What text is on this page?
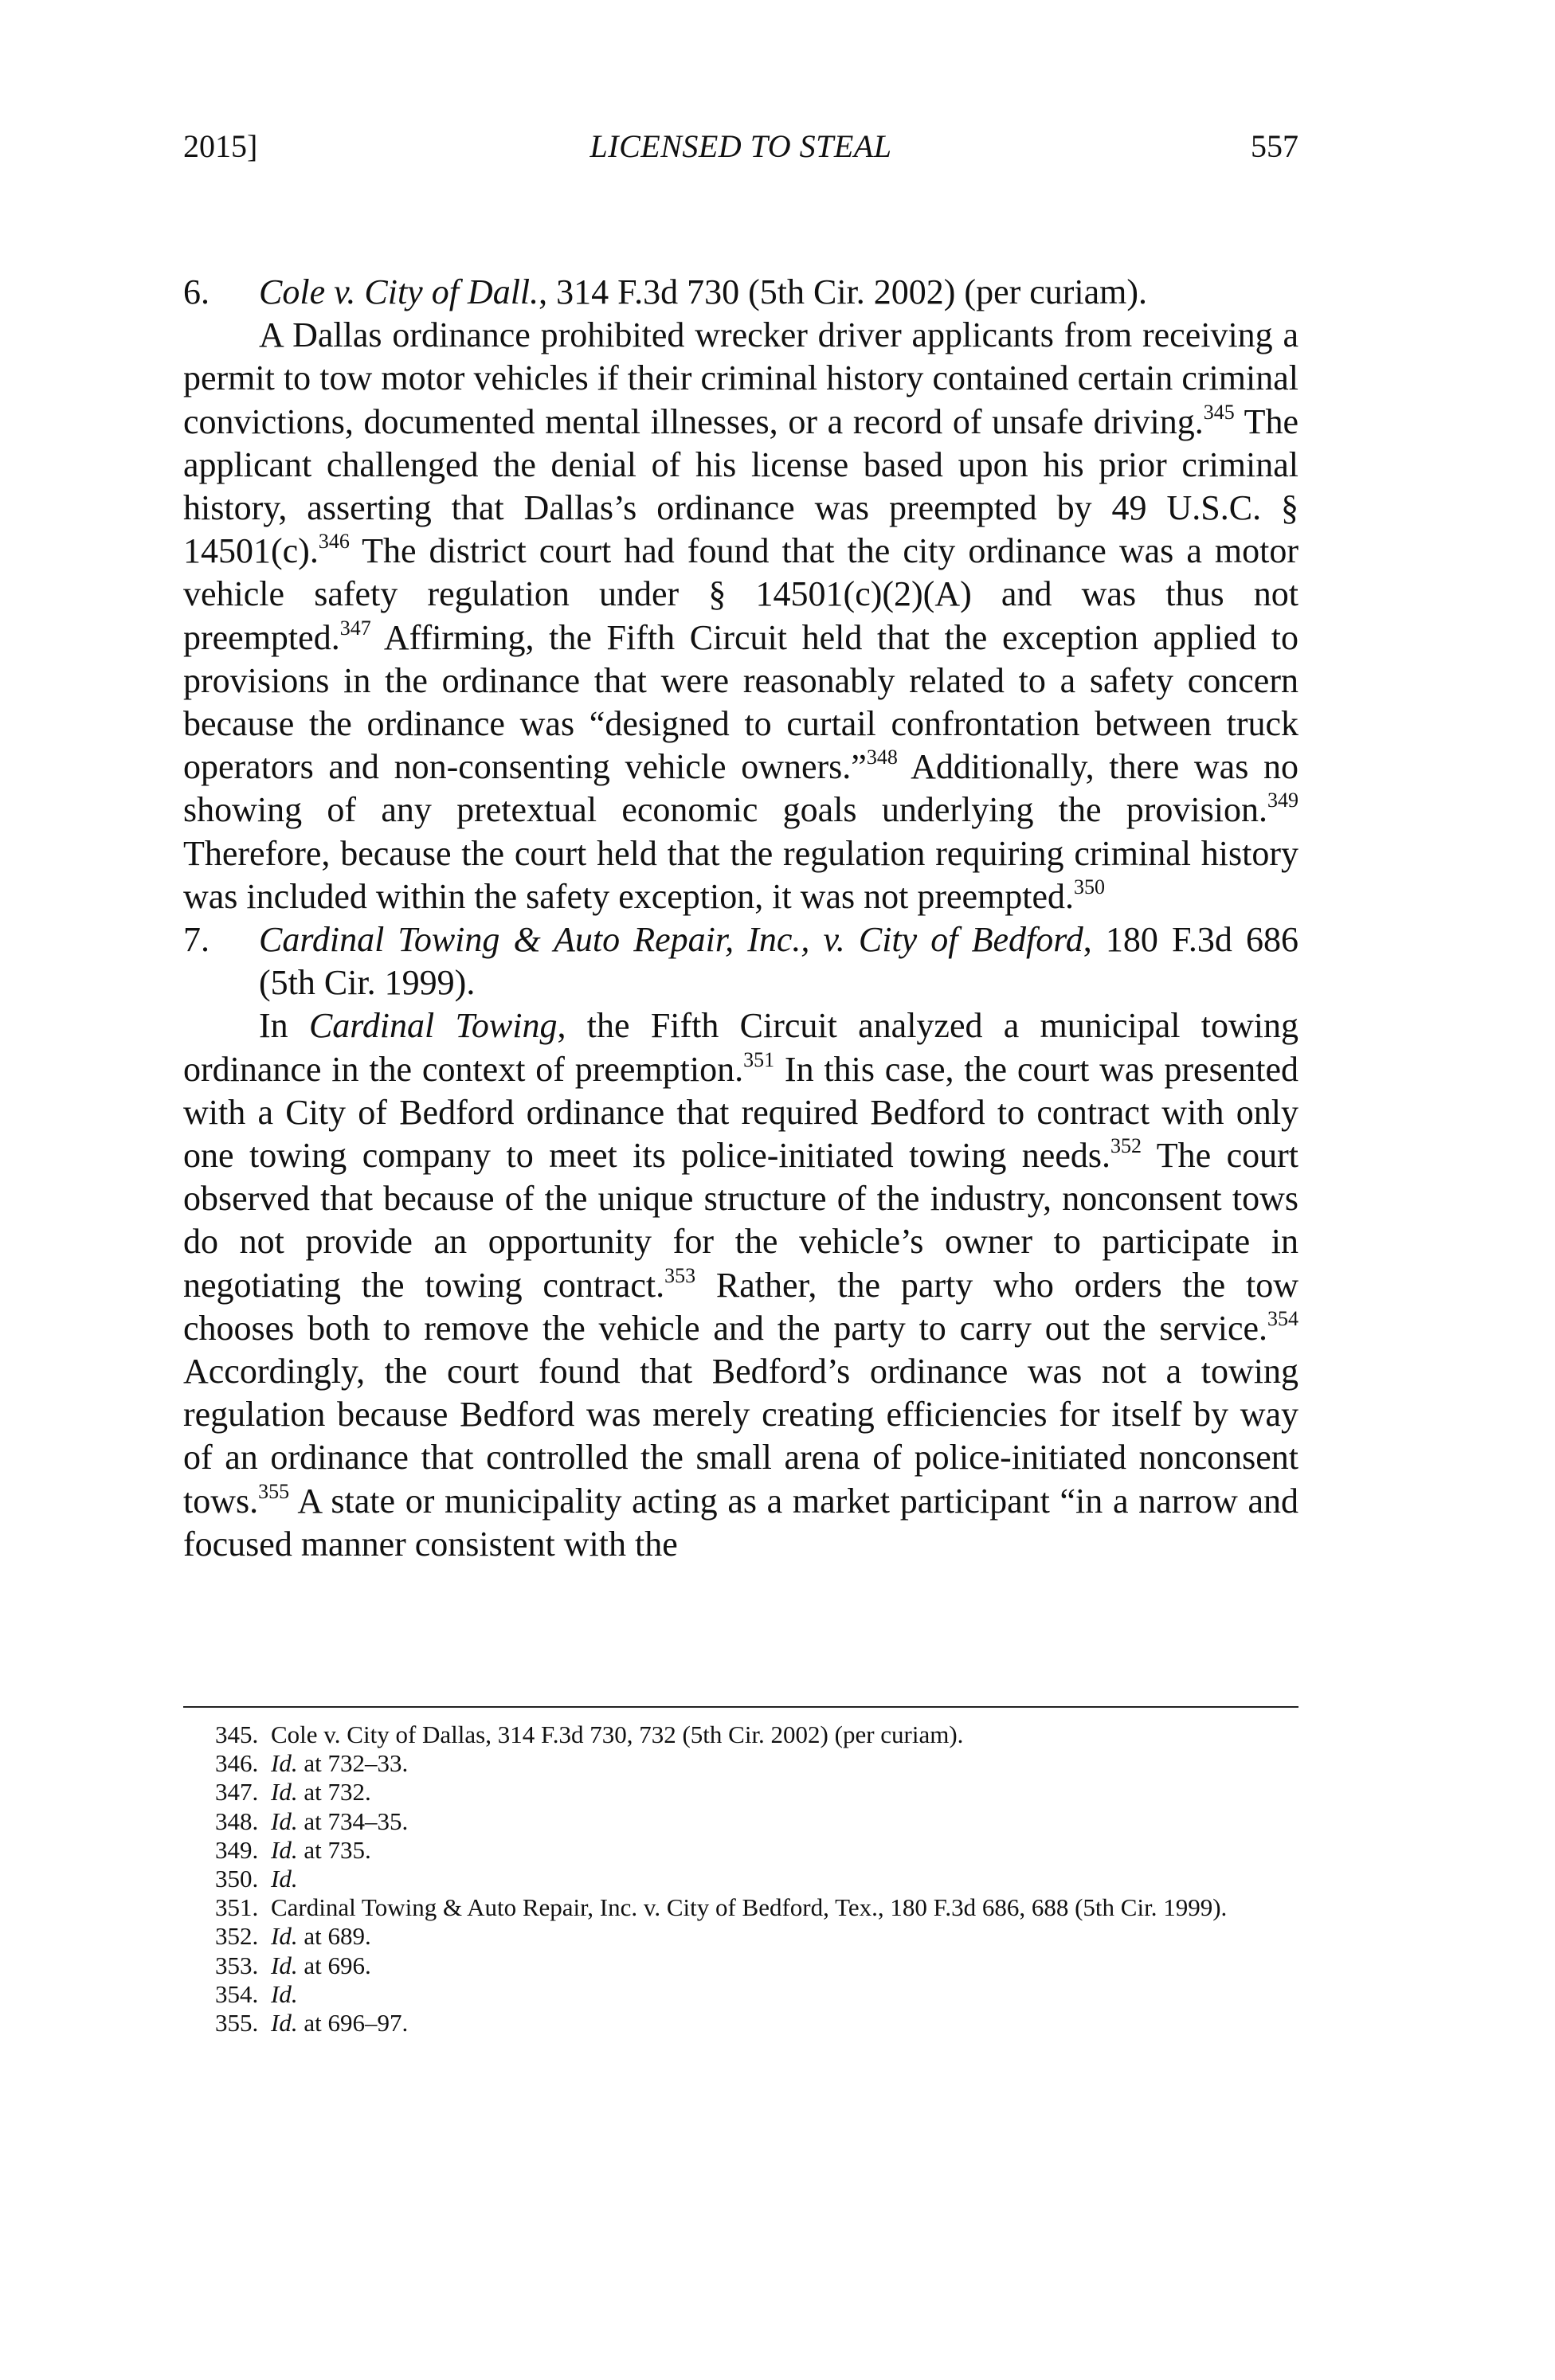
2015]	LICENSED TO STEAL	557

6. Cole v. City of Dall., 314 F.3d 730 (5th Cir. 2002) (per curiam).

A Dallas ordinance prohibited wrecker driver applicants from receiving a permit to tow motor vehicles if their criminal history contained certain criminal convictions, documented mental illnesses, or a record of unsafe driving.$^{345}$ The applicant challenged the denial of his license based upon his prior criminal history, asserting that Dallas’s ordinance was preempted by 49 U.S.C. § 14501(c).$^{346}$ The district court had found that the city ordinance was a motor vehicle safety regulation under § 14501(c)(2)(A) and was thus not preempted.$^{347}$ Affirming, the Fifth Circuit held that the exception applied to provisions in the ordinance that were reasonably related to a safety concern because the ordinance was “designed to curtail confrontation between truck operators and non-consenting vehicle owners.”$^{348}$ Additionally, there was no showing of any pretextual economic goals underlying the provision.$^{349}$ Therefore, because the court held that the regulation requiring criminal history was included within the safety exception, it was not preempted.$^{350}$

7. Cardinal Towing & Auto Repair, Inc., v. City of Bedford, 180 F.3d 686 (5th Cir. 1999).

In Cardinal Towing, the Fifth Circuit analyzed a municipal towing ordinance in the context of preemption.$^{351}$ In this case, the court was presented with a City of Bedford ordinance that required Bedford to contract with only one towing company to meet its police-initiated towing needs.$^{352}$ The court observed that because of the unique structure of the industry, nonconsent tows do not provide an opportunity for the vehicle’s owner to participate in negotiating the towing contract.$^{353}$ Rather, the party who orders the tow chooses both to remove the vehicle and the party to carry out the service.$^{354}$ Accordingly, the court found that Bedford’s ordinance was not a towing regulation because Bedford was merely creating efficiencies for itself by way of an ordinance that controlled the small arena of police-initiated nonconsent tows.$^{355}$ A state or municipality acting as a market participant “in a narrow and focused manner consistent with the

345. Cole v. City of Dallas, 314 F.3d 730, 732 (5th Cir. 2002) (per curiam).

346. Id. at 732–33.

347. Id. at 732.

348. Id. at 734–35.

349. Id. at 735.

350. Id.

351. Cardinal Towing & Auto Repair, Inc. v. City of Bedford, Tex., 180 F.3d 686, 688 (5th Cir. 1999).

352. Id. at 689.

353. Id. at 696.

354. Id.

355. Id. at 696–97.
